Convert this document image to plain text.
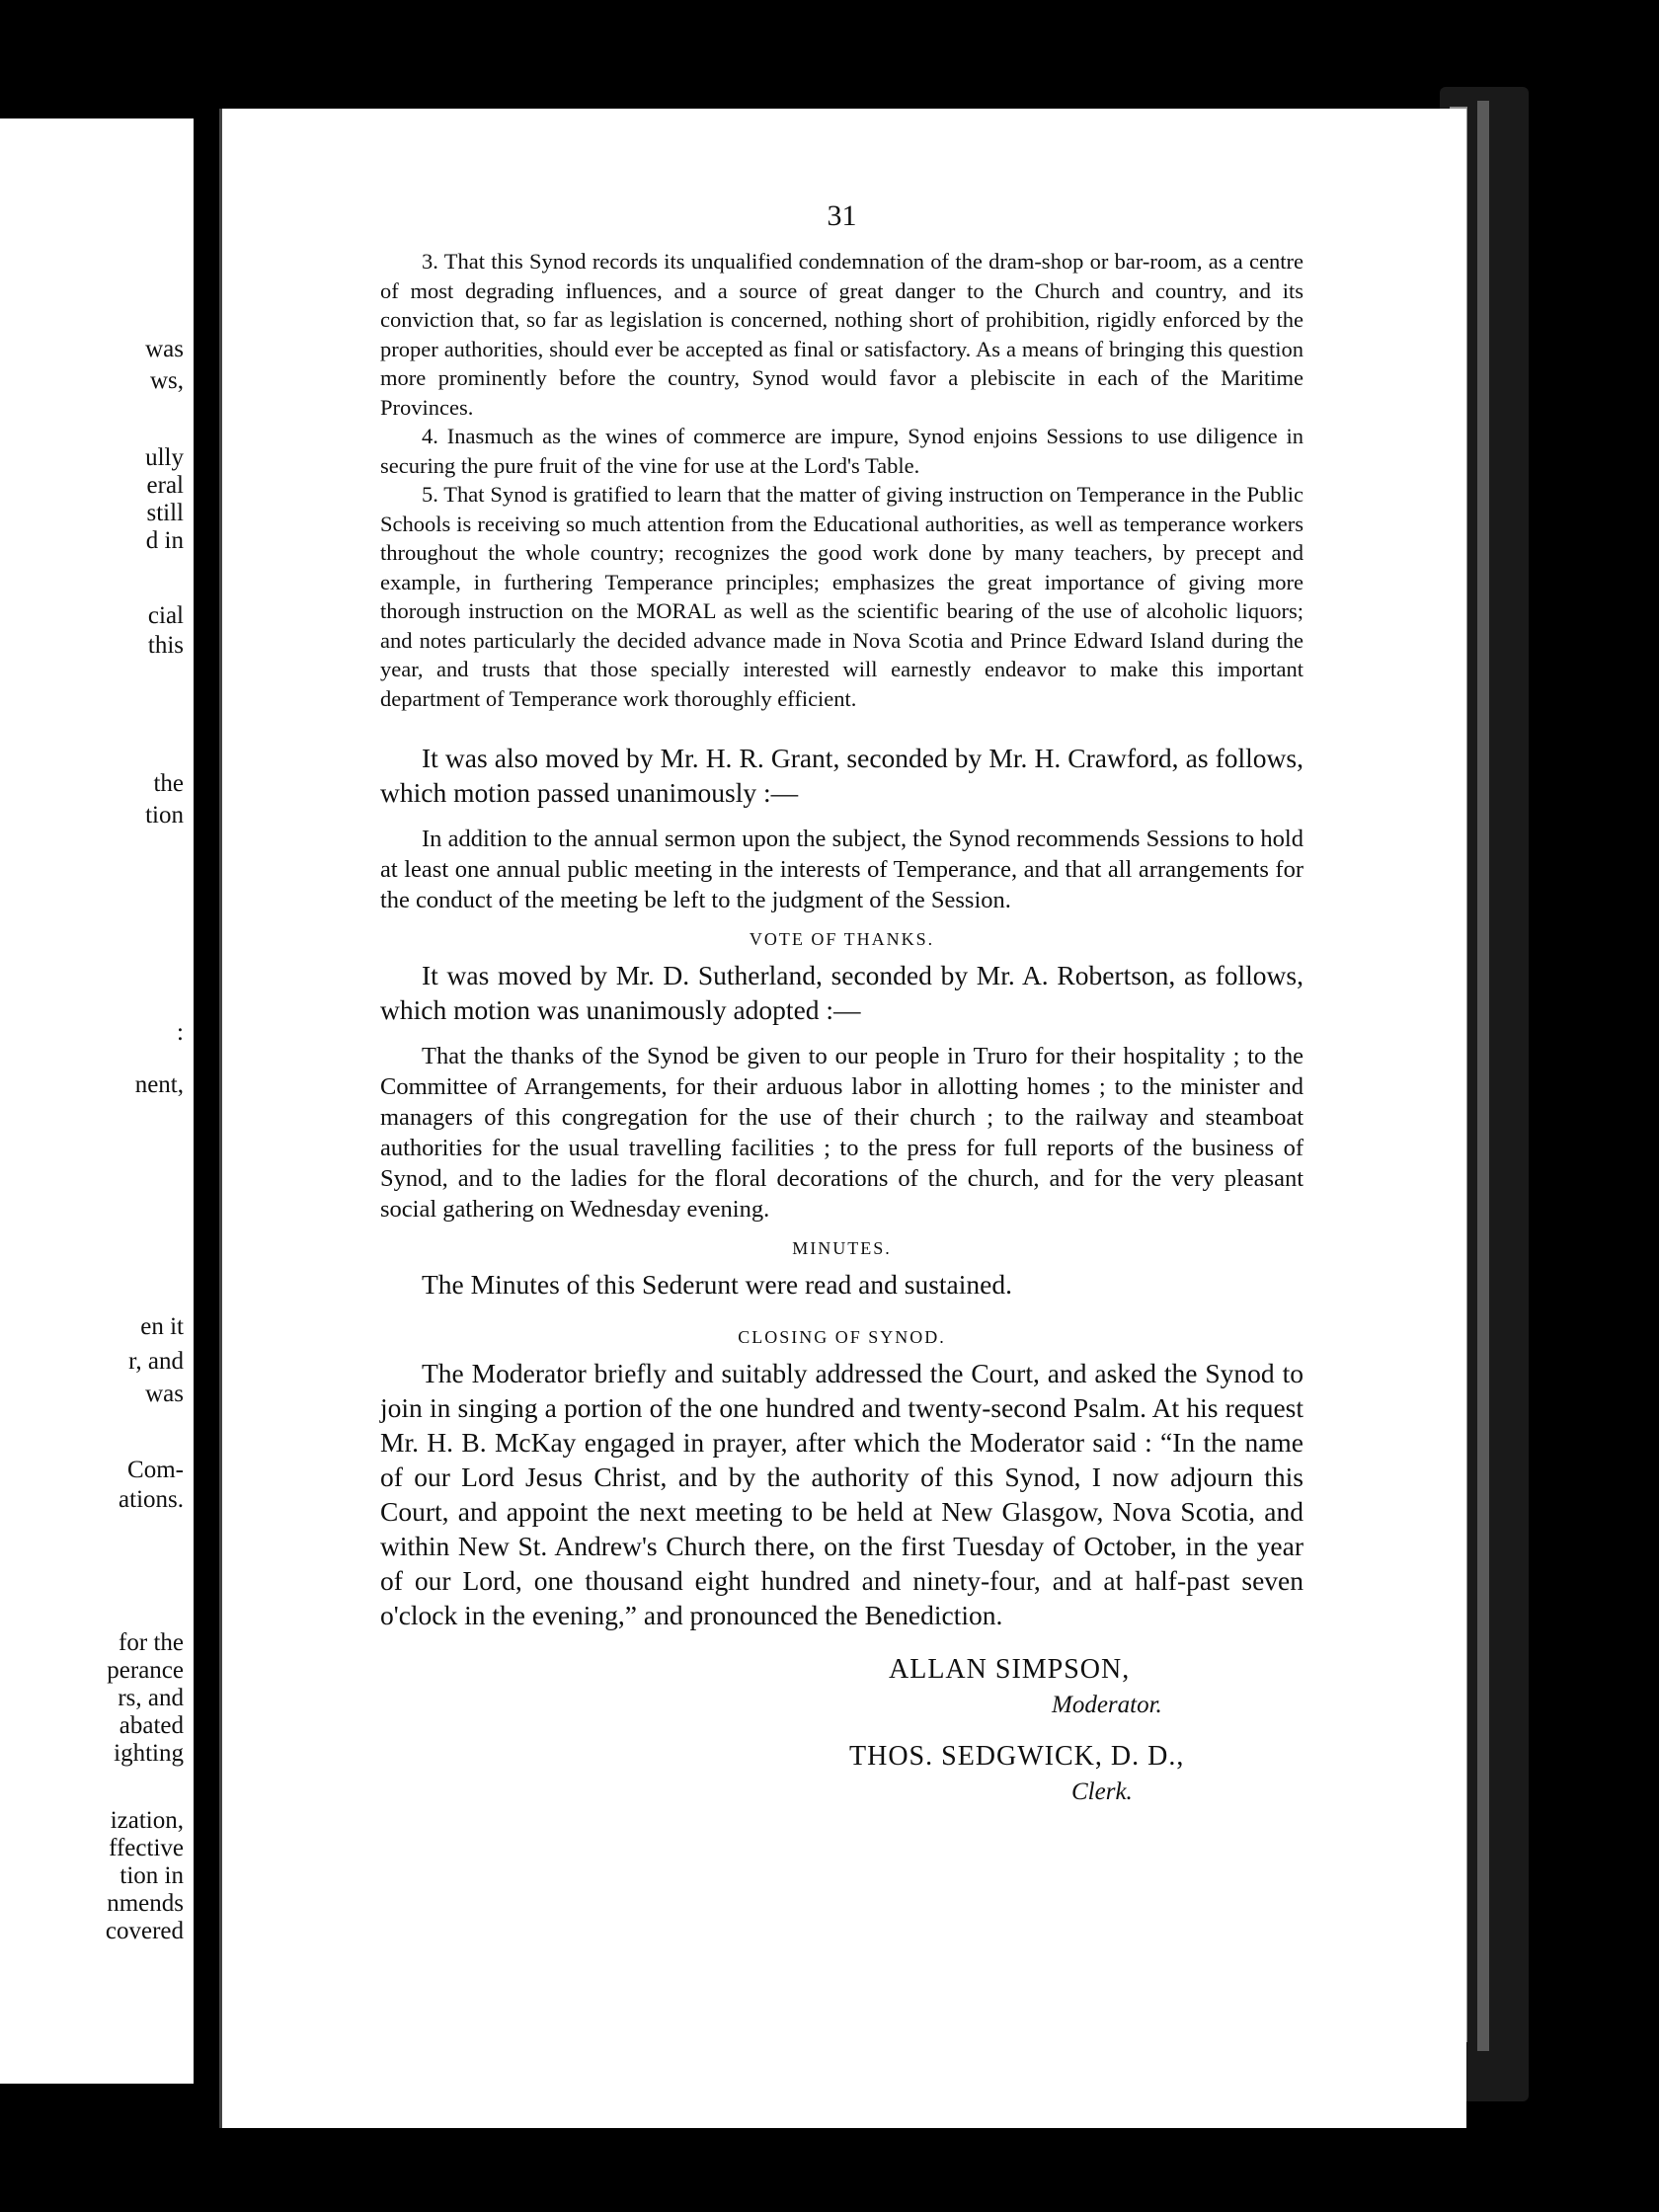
was
ws,
ully
eral
still
d in
cial
this
the
tion
:
nent,
en it
r, and
was
Com-
ations.
for the
perance
rs, and
abated
ighting
ization,
ffective
tion in
nmends
covered
31

3. That this Synod records its unqualified condemnation of the dram-shop or bar-room, as a centre of most degrading influences, and a source of great danger to the Church and country, and its conviction that, so far as legislation is concerned, nothing short of prohibition, rigidly enforced by the proper authorities, should ever be accepted as final or satisfactory. As a means of bringing this question more prominently before the country, Synod would favor a plebiscite in each of the Maritime Provinces.

4. Inasmuch as the wines of commerce are impure, Synod enjoins Sessions to use diligence in securing the pure fruit of the vine for use at the Lord's Table.

5. That Synod is gratified to learn that the matter of giving instruction on Temperance in the Public Schools is receiving so much attention from the Educational authorities, as well as temperance workers throughout the whole country; recognizes the good work done by many teachers, by precept and example, in furthering Temperance principles; emphasizes the great importance of giving more thorough instruction on the MORAL as well as the scientific bearing of the use of alcoholic liquors; and notes particularly the decided advance made in Nova Scotia and Prince Edward Island during the year, and trusts that those specially interested will earnestly endeavor to make this important department of Temperance work thoroughly efficient.

It was also moved by Mr. H. R. Grant, seconded by Mr. H. Crawford, as follows, which motion passed unanimously :—

In addition to the annual sermon upon the subject, the Synod recommends Sessions to hold at least one annual public meeting in the interests of Temperance, and that all arrangements for the conduct of the meeting be left to the judgment of the Session.

VOTE OF THANKS.

It was moved by Mr. D. Sutherland, seconded by Mr. A. Robertson, as follows, which motion was unanimously adopted :—

That the thanks of the Synod be given to our people in Truro for their hospitality ; to the Committee of Arrangements, for their arduous labor in allotting homes ; to the minister and managers of this congregation for the use of their church ; to the railway and steamboat authorities for the usual travelling facilities ; to the press for full reports of the business of Synod, and to the ladies for the floral decorations of the church, and for the very pleasant social gathering on Wednesday evening.

MINUTES.

The Minutes of this Sederunt were read and sustained.

CLOSING OF SYNOD.

The Moderator briefly and suitably addressed the Court, and asked the Synod to join in singing a portion of the one hundred and twenty-second Psalm. At his request Mr. H. B. McKay engaged in prayer, after which the Moderator said : “In the name of our Lord Jesus Christ, and by the authority of this Synod, I now adjourn this Court, and appoint the next meeting to be held at New Glasgow, Nova Scotia, and within New St. Andrew's Church there, on the first Tuesday of October, in the year of our Lord, one thousand eight hundred and ninety-four, and at half-past seven o'clock in the evening,” and pronounced the Benediction.

ALLAN SIMPSON,
Moderator.
THOS. SEDGWICK, D. D.,
Clerk.
